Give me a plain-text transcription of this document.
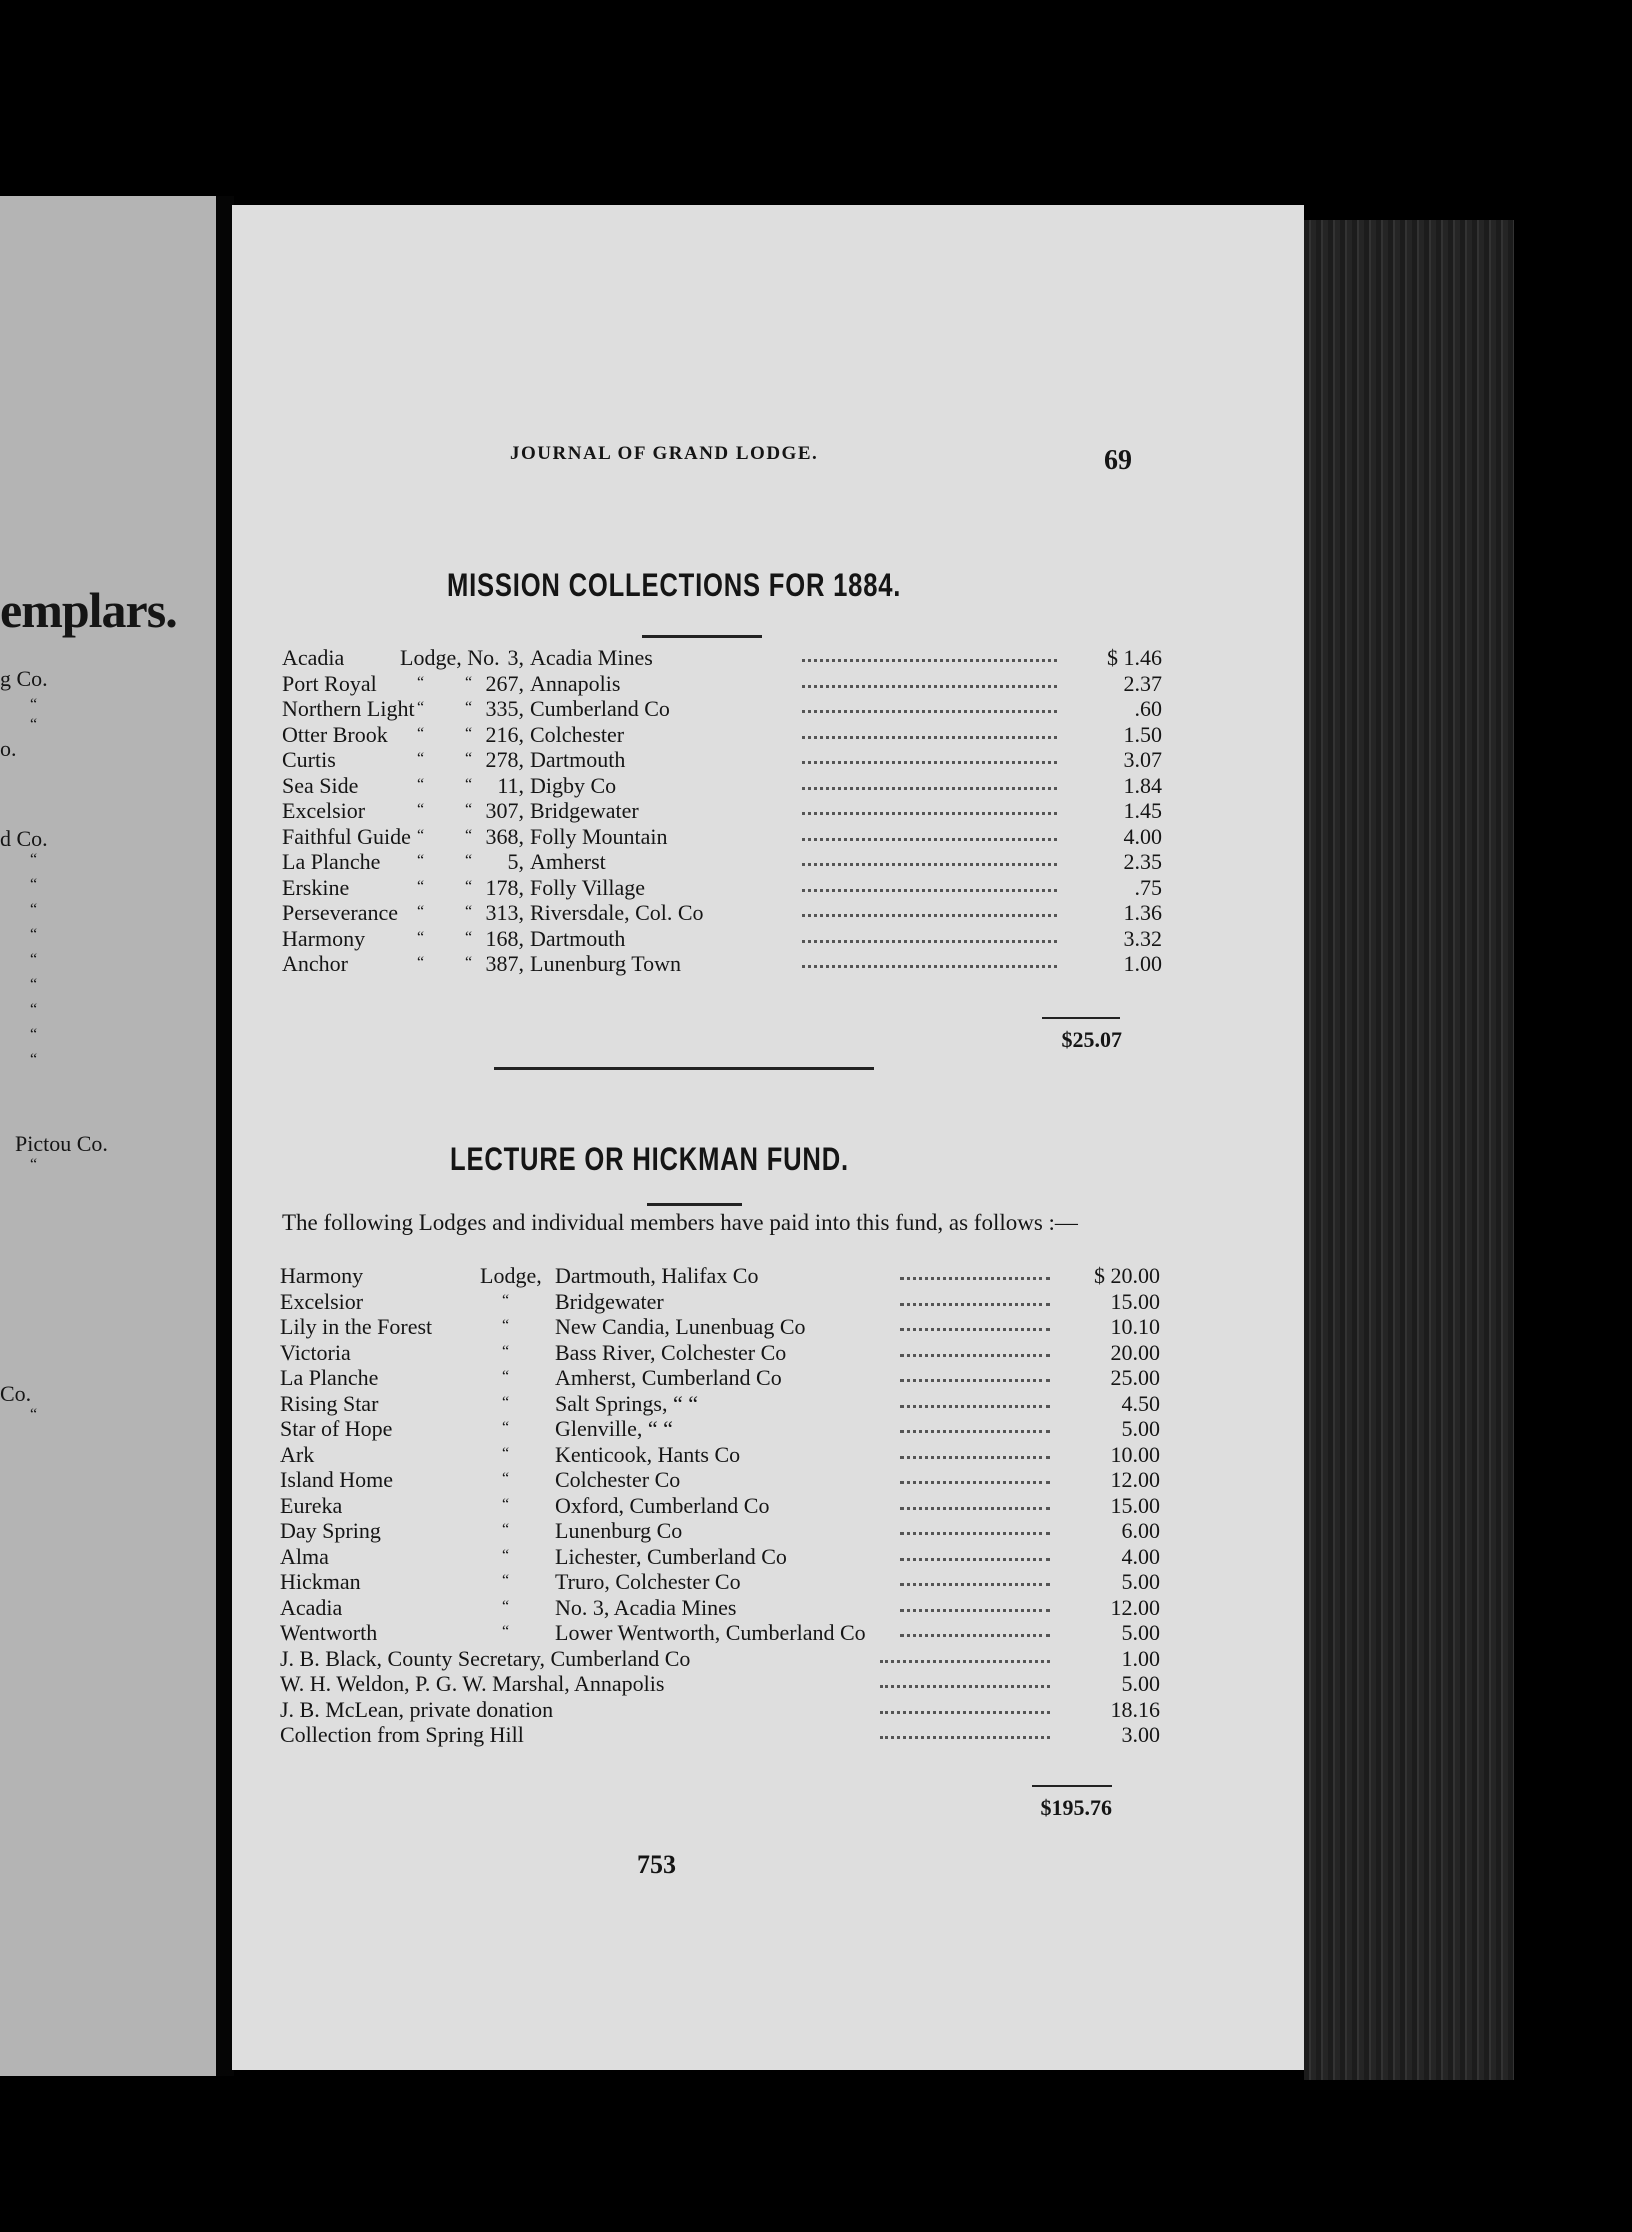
emplars.
g Co.
o.
d Co.
Pictou Co.
Co.
“
“
“
“
“
“
“
“
“
“
“
“
“
JOURNAL OF GRAND LODGE.	69
MISSION COLLECTIONS FOR 1884.
Acadia	Lodge, No. 3, Acadia Mines	$ 1.46
Port Royal	“	“ 267, Annapolis	2.37
Northern Light “	“ 335, Cumberland Co	.60
Otter Brook “	“ 216, Colchester	1.50
Curtis	“	“ 278, Dartmouth	3.07
Sea Side	“	“	11, Digby Co	1.84
Excelsior	“	“ 307, Bridgewater	1.45
Faithful Guide “	“ 368, Folly Mountain	4.00
La Planche “	“	5, Amherst	2.35
Erskine	“	“ 178, Folly Village	.75
Perseverance “	“ 313, Riversdale, Col. Co	1.36
Harmony	“	“ 168, Dartmouth	3.32
Anchor	“	“ 387, Lunenburg Town	1.00
$25.07
LECTURE OR HICKMAN FUND.
The following Lodges and individual members have paid into this fund, as follows :—
Harmony	Lodge, Dartmouth, Halifax Co	$ 20.00
Excelsior	“ Bridgewater	15.00
Lily in the Forest	“ New Candia, Lunenbuag Co	10.10
Victoria	“ Bass River, Colchester Co	20.00
La Planche	“ Amherst, Cumberland Co	25.00
Rising Star	“ Salt Springs, “ “	4.50
Star of Hope	“ Glenville, “ “	5.00
Ark	“ Kenticook, Hants Co	10.00
Island Home	“ Colchester Co	12.00
Eureka	“ Oxford, Cumberland Co	15.00
Day Spring	“ Lunenburg Co	6.00
Alma	“ Lichester, Cumberland Co	4.00
Hickman	“ Truro, Colchester Co	5.00
Acadia	“ No. 3, Acadia Mines	12.00
Wentworth	“ Lower Wentworth, Cumberland Co	5.00
J. B. Black, County Secretary, Cumberland Co	1.00
W. H. Weldon, P. G. W. Marshal, Annapolis	5.00
J. B. McLean, private donation	18.16
Collection from Spring Hill	3.00
$195.76
753
